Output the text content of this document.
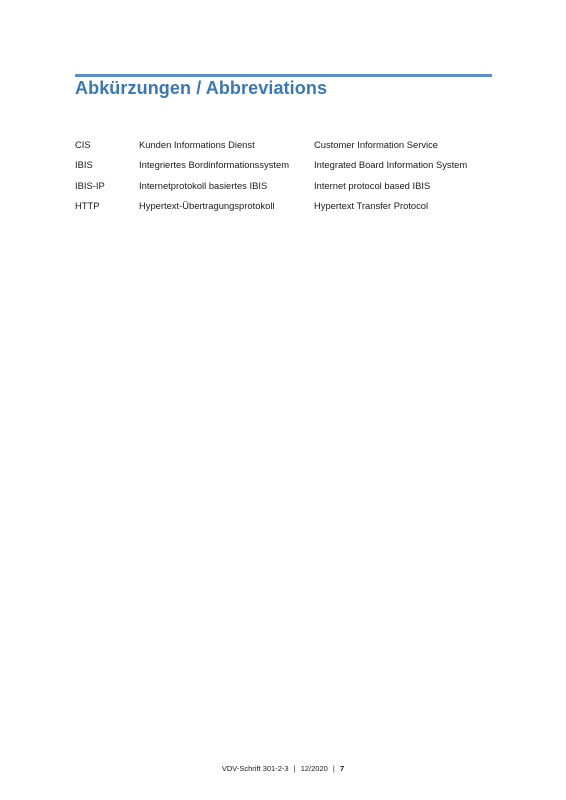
Abkürzungen / Abbreviations
CIS	Kunden Informations Dienst	Customer Information Service
IBIS	Integriertes Bordinformationssystem	Integrated Board Information System
IBIS-IP	Internetprotokoll basiertes IBIS	Internet protocol based IBIS
HTTP	Hypertext-Übertragungsprotokoll	Hypertext Transfer Protocol
VDV-Schrift 301-2-3 | 12/2020 | 7
